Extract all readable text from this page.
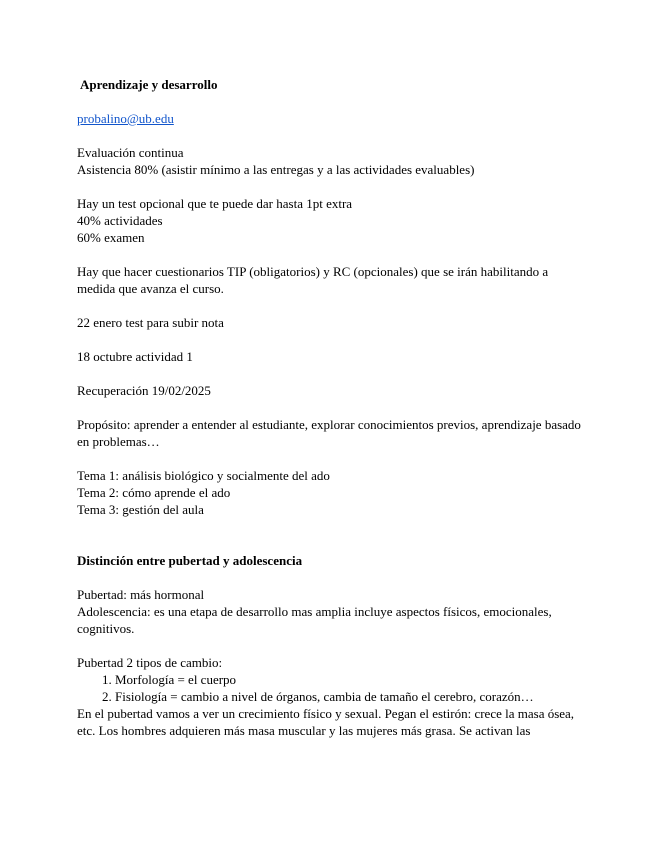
Aprendizaje y desarrollo
probalino@ub.edu
Evaluación continua
Asistencia 80% (asistir mínimo a las entregas y a las actividades evaluables)
Hay un test opcional que te puede dar hasta 1pt extra
40% actividades
60% examen
Hay que hacer cuestionarios TIP (obligatorios) y RC (opcionales) que se irán habilitando a medida que avanza el curso.
22 enero test para subir nota
18 octubre actividad 1
Recuperación 19/02/2025
Propósito: aprender a entender al estudiante, explorar conocimientos previos, aprendizaje basado en problemas…
Tema 1: análisis biológico y socialmente del ado
Tema 2: cómo aprende el ado
Tema 3: gestión del aula
Distinción entre pubertad y adolescencia
Pubertad: más hormonal
Adolescencia: es una etapa de desarrollo mas amplia incluye aspectos físicos, emocionales, cognitivos.
Pubertad 2 tipos de cambio:
1. Morfología = el cuerpo
2. Fisiología = cambio a nivel de órganos, cambia de tamaño el cerebro, corazón…
En el pubertad vamos a ver un crecimiento físico y sexual. Pegan el estirón: crece la masa ósea, etc. Los hombres adquieren más masa muscular y las mujeres más grasa. Se activan las
